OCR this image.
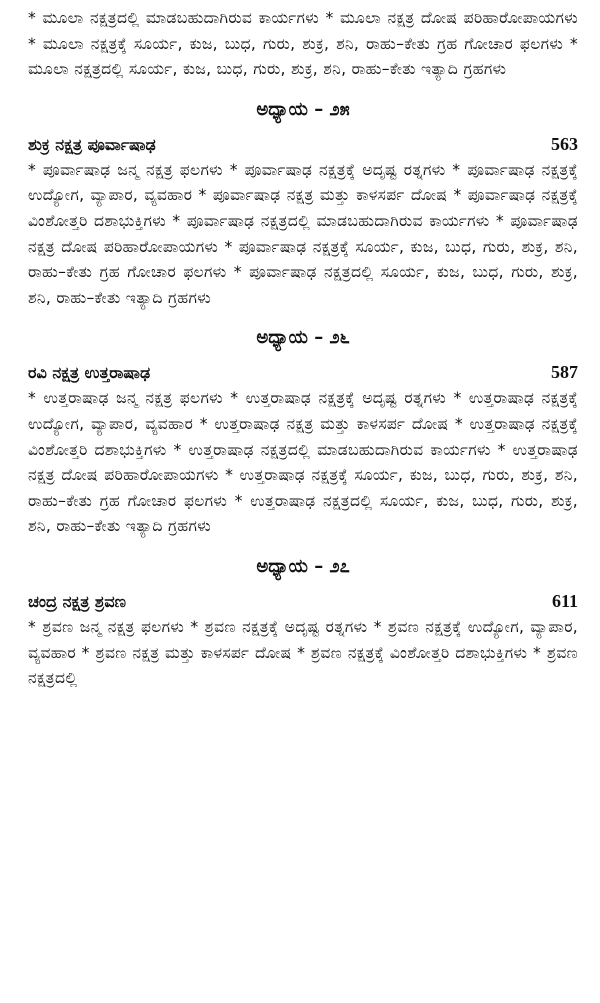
* ಮೂಲಾ ನಕ್ಷತ್ರದಲ್ಲಿ ಮಾಡಬಹುದಾಗಿರುವ ಕಾರ್ಯಗಳು * ಮೂಲಾ ನಕ್ಷತ್ರ ದೋಷ ಪರಿಹಾರೋಪಾಯಗಳು * ಮೂಲಾ ನಕ್ಷತ್ರಕ್ಕೆ ಸೂರ್ಯ, ಕುಜ, ಬುಧ, ಗುರು, ಶುಕ್ರ, ಶನಿ, ರಾಹು–ಕೇತು ಗ್ರಹ ಗೋಚಾರ ಫಲಗಳು * ಮೂಲಾ ನಕ್ಷತ್ರದಲ್ಲಿ ಸೂರ್ಯ, ಕುಜ, ಬುಧ, ಗುರು, ಶುಕ್ರ, ಶನಿ, ರಾಹು–ಕೇತು ಇತ್ಯಾದಿ ಗ್ರಹಗಳು

ಅಧ್ಯಾಯ – ೨೫
ಶುಕ್ರ ನಕ್ಷತ್ರ ಪೂರ್ವಾಷಾಢ	563

* ಪೂರ್ವಾಷಾಢ ಜನ್ಮ ನಕ್ಷತ್ರ ಫಲಗಳು * ಪೂರ್ವಾಷಾಢ ನಕ್ಷತ್ರಕ್ಕೆ ಅದೃಷ್ಟ ರತ್ನಗಳು * ಪೂರ್ವಾಷಾಢ ನಕ್ಷತ್ರಕ್ಕೆ ಉದ್ಯೋಗ, ವ್ಯಾಪಾರ, ವ್ಯವಹಾರ * ಪೂರ್ವಾಷಾಢ ನಕ್ಷತ್ರ ಮತ್ತು ಕಾಳಸರ್ಪ ದೋಷ * ಪೂರ್ವಾಷಾಢ ನಕ್ಷತ್ರಕ್ಕೆ ವಿಂಶೋತ್ತರಿ ದಶಾಭುಕ್ತಿಗಳು * ಪೂರ್ವಾಷಾಢ ನಕ್ಷತ್ರದಲ್ಲಿ ಮಾಡಬಹುದಾಗಿರುವ ಕಾರ್ಯಗಳು * ಪೂರ್ವಾಷಾಢ ನಕ್ಷತ್ರ ದೋಷ ಪರಿಹಾರೋಪಾಯಗಳು * ಪೂರ್ವಾಷಾಢ ನಕ್ಷತ್ರಕ್ಕೆ ಸೂರ್ಯ, ಕುಜ, ಬುಧ, ಗುರು, ಶುಕ್ರ, ಶನಿ, ರಾಹು–ಕೇತು ಗ್ರಹ ಗೋಚಾರ ಫಲಗಳು * ಪೂರ್ವಾಷಾಢ ನಕ್ಷತ್ರದಲ್ಲಿ ಸೂರ್ಯ, ಕುಜ, ಬುಧ, ಗುರು, ಶುಕ್ರ, ಶನಿ, ರಾಹು–ಕೇತು ಇತ್ಯಾದಿ ಗ್ರಹಗಳು

ಅಧ್ಯಾಯ – ೨೬
ರವಿ ನಕ್ಷತ್ರ ಉತ್ತರಾಷಾಢ	587

* ಉತ್ತರಾಷಾಢ ಜನ್ಮ ನಕ್ಷತ್ರ ಫಲಗಳು * ಉತ್ತರಾಷಾಢ ನಕ್ಷತ್ರಕ್ಕೆ ಅದೃಷ್ಟ ರತ್ನಗಳು * ಉತ್ತರಾಷಾಢ ನಕ್ಷತ್ರಕ್ಕೆ ಉದ್ಯೋಗ, ವ್ಯಾಪಾರ, ವ್ಯವಹಾರ * ಉತ್ತರಾಷಾಢ ನಕ್ಷತ್ರ ಮತ್ತು ಕಾಳಸರ್ಪ ದೋಷ * ಉತ್ತರಾಷಾಢ ನಕ್ಷತ್ರಕ್ಕೆ ವಿಂಶೋತ್ತರಿ ದಶಾಭುಕ್ತಿಗಳು * ಉತ್ತರಾಷಾಢ ನಕ್ಷತ್ರದಲ್ಲಿ ಮಾಡಬಹುದಾಗಿರುವ ಕಾರ್ಯಗಳು * ಉತ್ತರಾಷಾಢ ನಕ್ಷತ್ರ ದೋಷ ಪರಿಹಾರೋಪಾಯಗಳು * ಉತ್ತರಾಷಾಢ ನಕ್ಷತ್ರಕ್ಕೆ ಸೂರ್ಯ, ಕುಜ, ಬುಧ, ಗುರು, ಶುಕ್ರ, ಶನಿ, ರಾಹು–ಕೇತು ಗ್ರಹ ಗೋಚಾರ ಫಲಗಳು * ಉತ್ತರಾಷಾಢ ನಕ್ಷತ್ರದಲ್ಲಿ ಸೂರ್ಯ, ಕುಜ, ಬುಧ, ಗುರು, ಶುಕ್ರ, ಶನಿ, ರಾಹು–ಕೇತು ಇತ್ಯಾದಿ ಗ್ರಹಗಳು

ಅಧ್ಯಾಯ – ೨೭
ಚಂದ್ರ ನಕ್ಷತ್ರ ಶ್ರವಣ	611

* ಶ್ರವಣ ಜನ್ಮ ನಕ್ಷತ್ರ ಫಲಗಳು * ಶ್ರವಣ ನಕ್ಷತ್ರಕ್ಕೆ ಅದೃಷ್ಟ ರತ್ನಗಳು * ಶ್ರವಣ ನಕ್ಷತ್ರಕ್ಕೆ ಉದ್ಯೋಗ, ವ್ಯಾಪಾರ, ವ್ಯವಹಾರ * ಶ್ರವಣ ನಕ್ಷತ್ರ ಮತ್ತು ಕಾಳಸರ್ಪ ದೋಷ * ಶ್ರವಣ ನಕ್ಷತ್ರಕ್ಕೆ ವಿಂಶೋತ್ತರಿ ದಶಾಭುಕ್ತಿಗಳು * ಶ್ರವಣ ನಕ್ಷತ್ರದಲ್ಲಿ
